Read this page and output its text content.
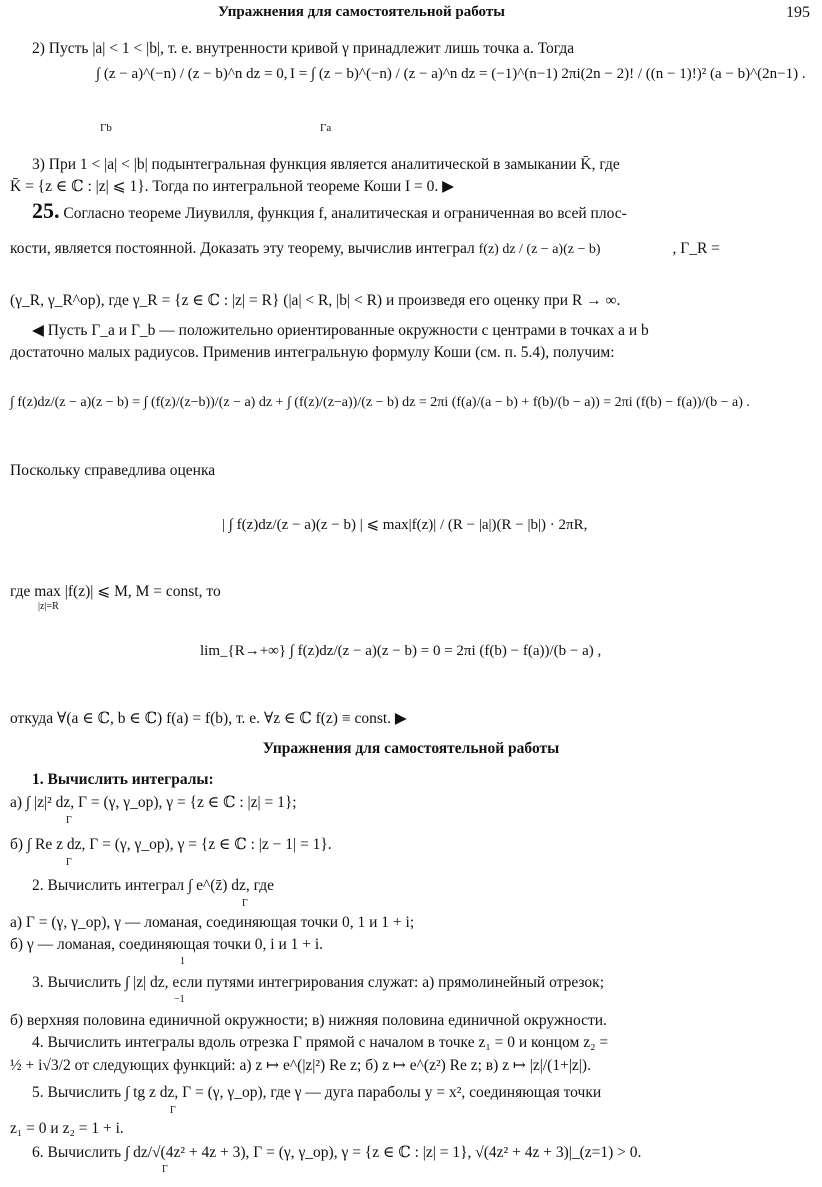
Упражнения для самостоятельной работы	195
2) Пусть |a| < 1 < |b|, т. е. внутренности кривой γ принадлежит лишь точка a. Тогда
∫ (z − a)^(−n) / (z − b)^n dz = 0,
Γb
I = ∫ (z − b)^(−n) / (z − a)^n dz = (−1)^(n−1) 2πi(2n − 2)! / ((n − 1)!)² (a − b)^(2n−1) .
Γa
3) При 1 < |a| < |b| подынтегральная функция является аналитической в замыкании K̄, где
K̄ = {z ∈ ℂ : |z| ⩽ 1}. Тогда по интегральной теореме Коши I = 0. ▶
25. Согласно теореме Лиувилля, функция f, аналитическая и ограниченная во всей плос-
кости, является постоянной. Доказать эту теорему, вычислив интеграл f(z) dz / (z − a)(z − b)	, Γ_R =
(γ_R, γ_R^op), где γ_R = {z ∈ ℂ : |z| = R} (|a| < R, |b| < R) и произведя его оценку при R → ∞.
◀ Пусть Γ_a и Γ_b — положительно ориентированные окружности с центрами в точках a и b
достаточно малых радиусов. Применив интегральную формулу Коши (см. п. 5.4), получим:
∫ f(z)dz/(z − a)(z − b) = ∫ (f(z)/(z−b))/(z − a) dz + ∫ (f(z)/(z−a))/(z − b) dz = 2πi (f(a)/(a − b) + f(b)/(b − a)) = 2πi (f(b) − f(a))/(b − a) .
Поскольку справедлива оценка
| ∫ f(z)dz/(z − a)(z − b) | ⩽ max|f(z)| / (R − |a|)(R − |b|) · 2πR,
где max |f(z)| ⩽ M, M = const, то
|z|=R
lim_{R→+∞} ∫ f(z)dz/(z − a)(z − b) = 0 = 2πi (f(b) − f(a))/(b − a) ,
откуда ∀(a ∈ ℂ, b ∈ ℂ) f(a) = f(b), т. е. ∀z ∈ ℂ f(z) ≡ const. ▶
Упражнения для самостоятельной работы
1. Вычислить интегралы:
а) ∫ |z|² dz, Γ = (γ, γ_op), γ = {z ∈ ℂ : |z| = 1};
Γ
б) ∫ Re z dz, Γ = (γ, γ_op), γ = {z ∈ ℂ : |z − 1| = 1}.
Γ
2. Вычислить интеграл ∫ e^(z̄) dz, где
Γ
а) Γ = (γ, γ_op), γ — ломаная, соединяющая точки 0, 1 и 1 + i;
б) γ — ломаная, соединяющая точки 0, i и 1 + i.
1
3. Вычислить ∫ |z| dz, если путями интегрирования служат: а) прямолинейный отрезок;
−1
б) верхняя половина единичной окружности; в) нижняя половина единичной окружности.
4. Вычислить интегралы вдоль отрезка Γ прямой с началом в точке z₁ = 0 и концом z₂ =
½ + i√3/2 от следующих функций: а) z ↦ e^(|z|²) Re z; б) z ↦ e^(z²) Re z; в) z ↦ |z|/(1+|z|).
5. Вычислить ∫ tg z dz, Γ = (γ, γ_op), где γ — дуга параболы y = x², соединяющая точки
Γ
z₁ = 0 и z₂ = 1 + i.
6. Вычислить ∫ dz/√(4z² + 4z + 3), Γ = (γ, γ_op), γ = {z ∈ ℂ : |z| = 1}, √(4z² + 4z + 3)|_(z=1) > 0.
Γ
